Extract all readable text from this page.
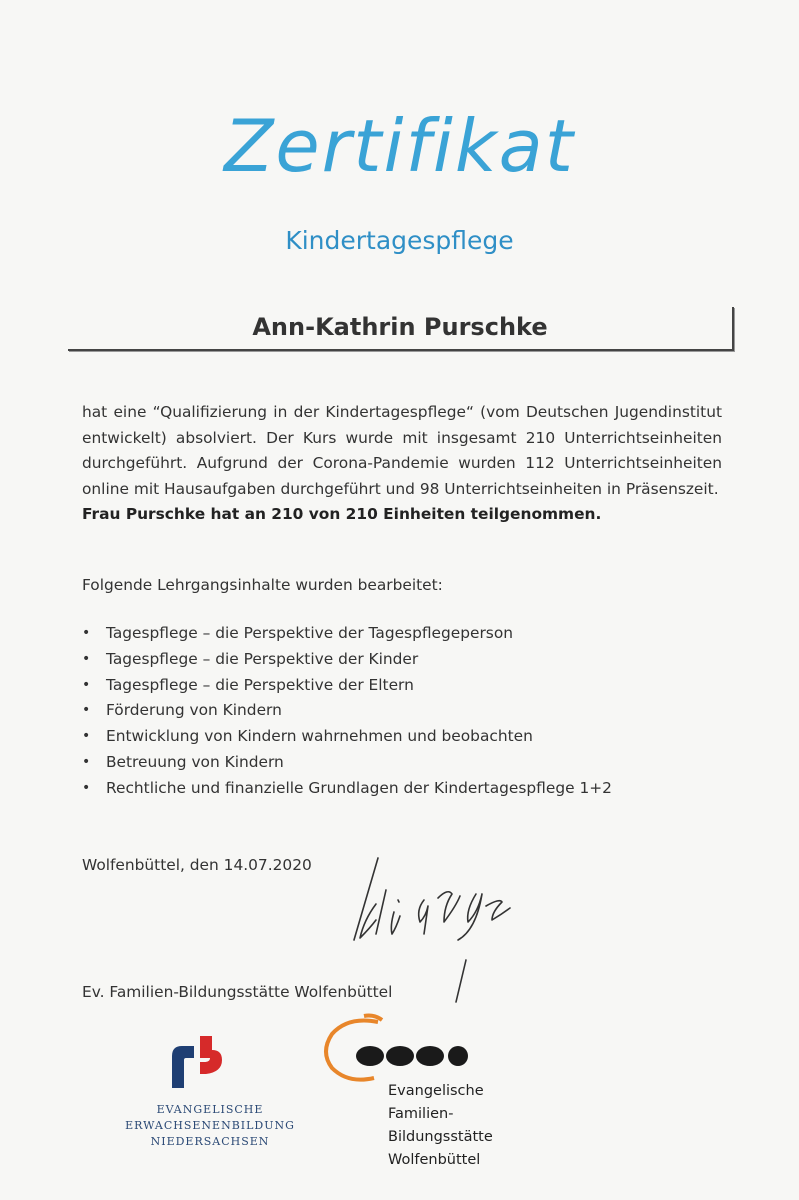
Zertifikat
Kindertagespflege
Ann-Kathrin Purschke

hat eine “Qualifizierung in der Kindertagespflege“ (vom Deutschen Jugendinstitut entwickelt) absolviert. Der Kurs wurde mit insgesamt 210 Unterrichtseinheiten durchgeführt. Aufgrund der Corona-Pandemie wurden 112 Unterrichtseinheiten online mit Hausaufgaben durchgeführt und 98 Unterrichtseinheiten in Präsenszeit.

Frau Purschke hat an 210 von 210 Einheiten teilgenommen.

Folgende Lehrgangsinhalte wurden bearbeitet:

• Tagespflege – die Perspektive der Tagespflegeperson
• Tagespflege – die Perspektive der Kinder
• Tagespflege – die Perspektive der Eltern
• Förderung von Kindern
• Entwicklung von Kindern wahrnehmen und beobachten
• Betreuung von Kindern
• Rechtliche und finanzielle Grundlagen der Kindertagespflege 1+2
Wolfenbüttel, den 14.07.2020
Ev. Familien-Bildungsstätte Wolfenbüttel
EVANGELISCHE
ERWACHSENENBILDUNG
NIEDERSACHSEN
Evangelische
Familien-
Bildungsstätte
Wolfenbüttel
